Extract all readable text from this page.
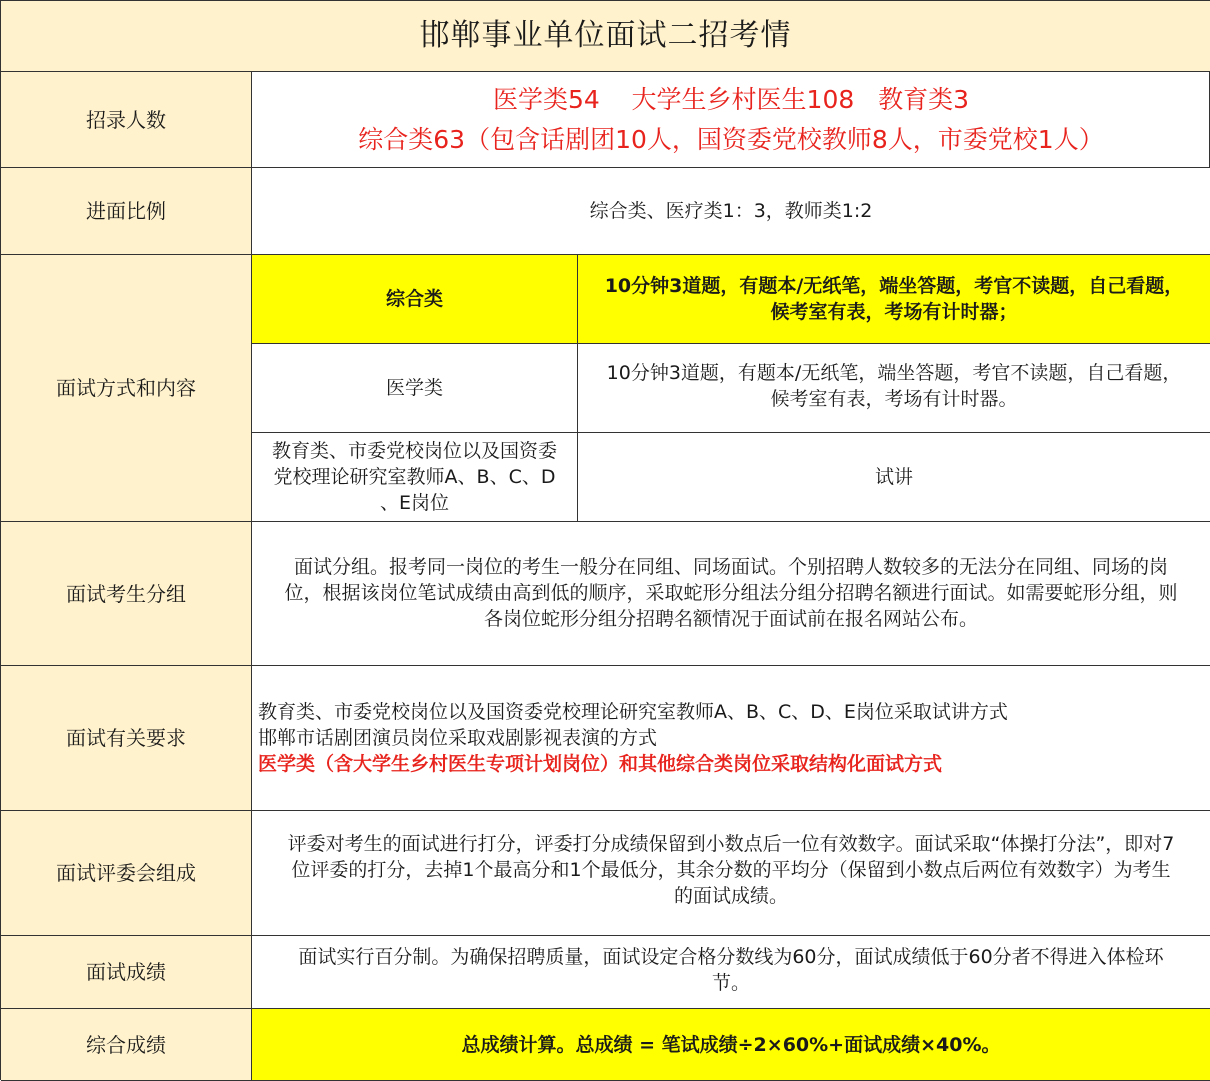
邯郸事业单位面试二招考情
招录人数
医学类54    大学生乡村医生108   教育类3
综合类63（包含话剧团10人，国资委党校教师8人，市委党校1人）
进面比例	综合类、医疗类1：3，教师类1:2
面试方式和内容
综合类
10分钟3道题，有题本/无纸笔，端坐答题，考官不读题，自己看题，
候考室有表，考场有计时器；
医学类
10分钟3道题，有题本/无纸笔，端坐答题，考官不读题，自己看题，
候考室有表，考场有计时器。
教育类、市委党校岗位以及国资委
党校理论研究室教师A、B、C、D
、E岗位
试讲
面试考生分组
面试分组。报考同一岗位的考生一般分在同组、同场面试。个别招聘人数较多的无法分在同组、同场的岗
位，根据该岗位笔试成绩由高到低的顺序，采取蛇形分组法分组分招聘名额进行面试。如需要蛇形分组，则
各岗位蛇形分组分招聘名额情况于面试前在报名网站公布。
面试有关要求
教育类、市委党校岗位以及国资委党校理论研究室教师A、B、C、D、E岗位采取试讲方式
邯郸市话剧团演员岗位采取戏剧影视表演的方式
医学类（含大学生乡村医生专项计划岗位）和其他综合类岗位采取结构化面试方式
面试评委会组成
评委对考生的面试进行打分，评委打分成绩保留到小数点后一位有效数字。面试采取“体操打分法”，即对7
位评委的打分，去掉1个最高分和1个最低分，其余分数的平均分（保留到小数点后两位有效数字）为考生
的面试成绩。
面试成绩
面试实行百分制。为确保招聘质量，面试设定合格分数线为60分，面试成绩低于60分者不得进入体检环
节。
综合成绩	总成绩计算。总成绩 = 笔试成绩÷2×60%+面试成绩×40%。
